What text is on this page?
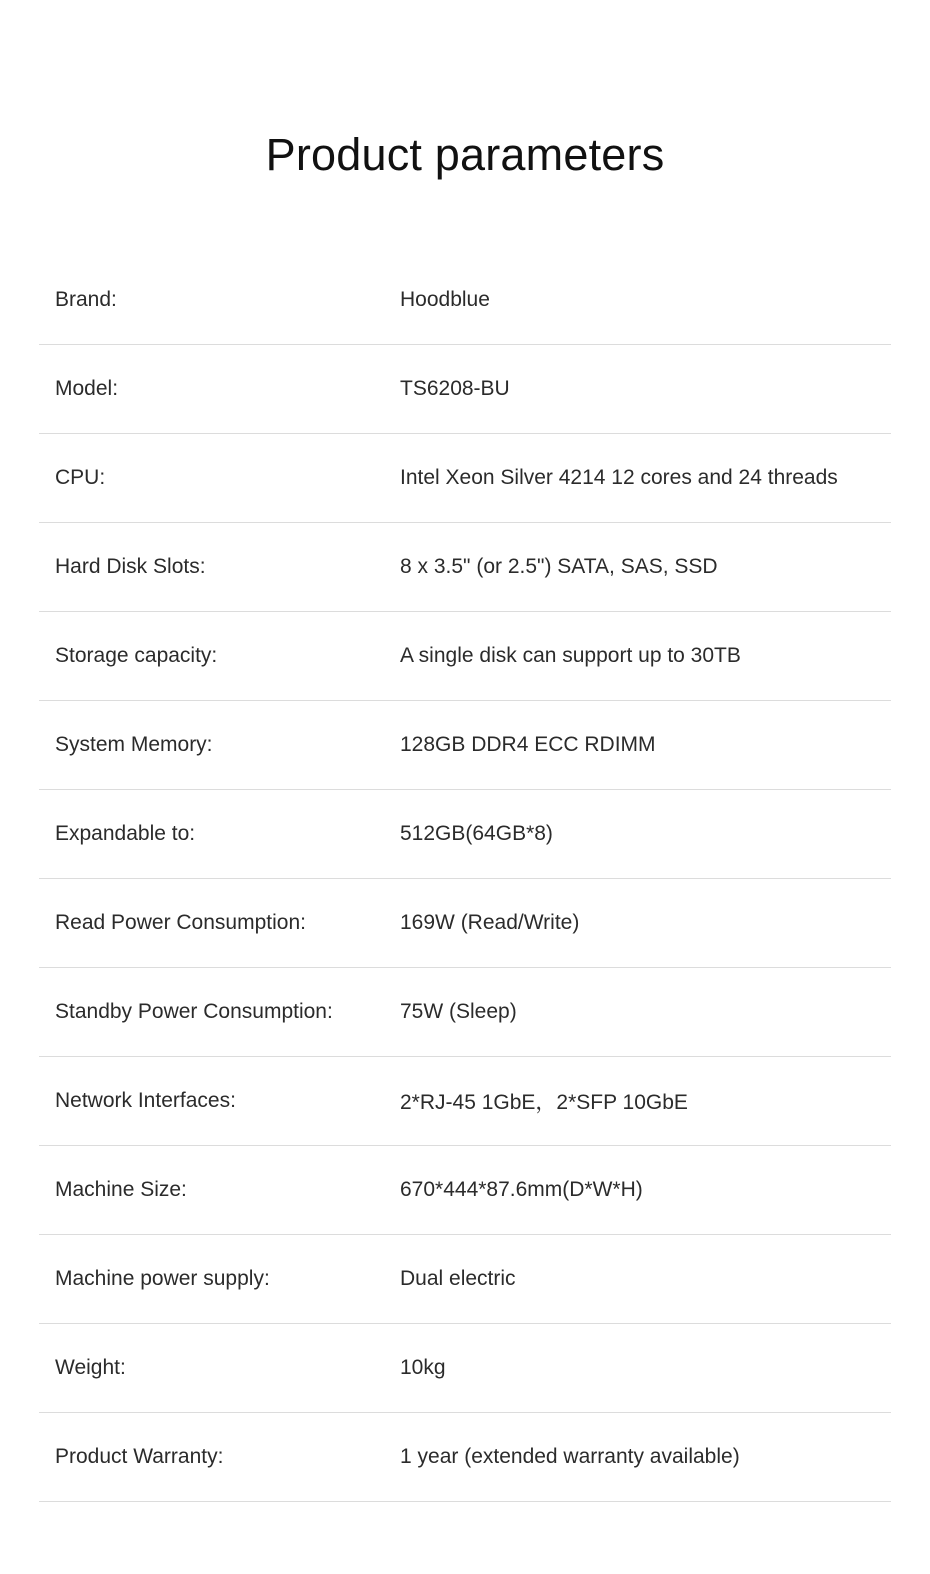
Product parameters
Brand:	Hoodblue
Model:	TS6208-BU
CPU:	Intel Xeon Silver 4214 12 cores and 24 threads
Hard Disk Slots:	8 x 3.5" (or 2.5") SATA, SAS, SSD
Storage capacity:	A single disk can support up to 30TB
System Memory:	128GB DDR4 ECC RDIMM
Expandable to:	512GB(64GB*8)
Read Power Consumption:	169W (Read/Write)
Standby Power Consumption:	75W (Sleep)
Network Interfaces:	2*RJ-45 1GbE，2*SFP 10GbE
Machine Size:	670*444*87.6mm(D*W*H)
Machine power supply:	Dual electric
Weight:	10kg
Product Warranty:	1 year (extended warranty available)
